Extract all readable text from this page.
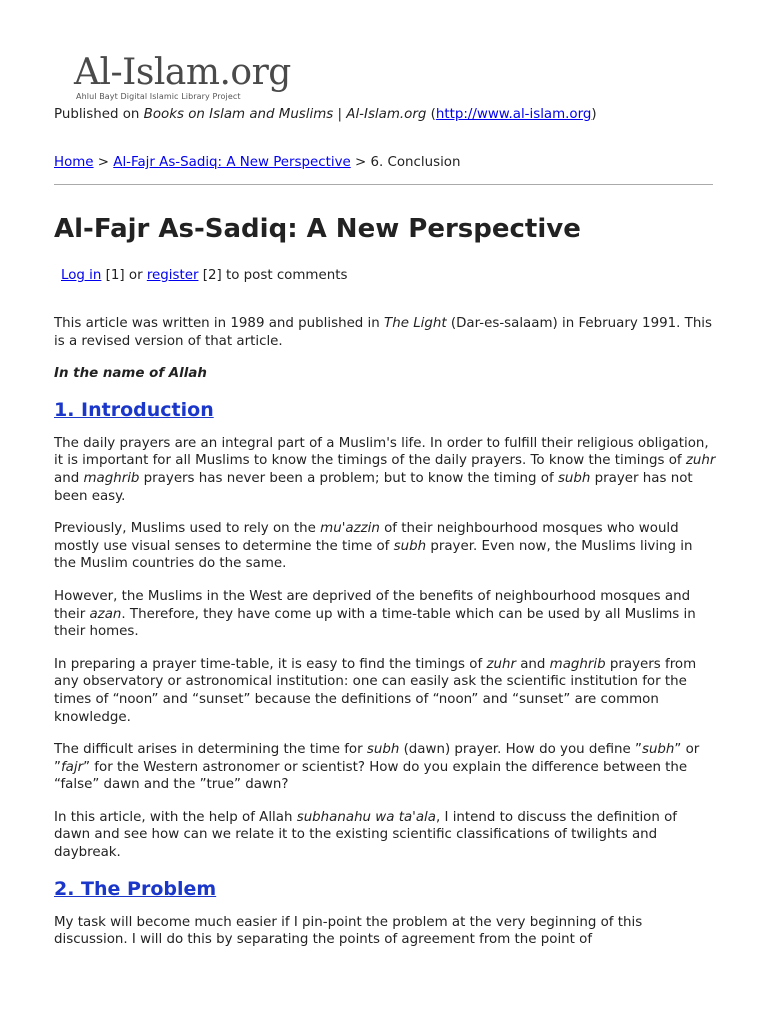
Al-Islam.org
Ahlul Bayt Digital Islamic Library Project
Published on Books on Islam and Muslims | Al-Islam.org (http://www.al-islam.org)
Home > Al-Fajr As-Sadiq: A New Perspective > 6. Conclusion
Al-Fajr As-Sadiq: A New Perspective
Log in [1] or register [2] to post comments

This article was written in 1989 and published in The Light (Dar-es-salaam) in February 1991. This is a revised version of that article.

In the name of Allah

1. Introduction

The daily prayers are an integral part of a Muslim's life. In order to fulfill their religious obligation, it is important for all Muslims to know the timings of the daily prayers. To know the timings of zuhr and maghrib prayers has never been a problem; but to know the timing of subh prayer has not been easy.

Previously, Muslims used to rely on the mu'azzin of their neighbourhood mosques who would mostly use visual senses to determine the time of subh prayer. Even now, the Muslims living in the Muslim countries do the same.

However, the Muslims in the West are deprived of the benefits of neighbourhood mosques and their azan. Therefore, they have come up with a time-table which can be used by all Muslims in their homes.

In preparing a prayer time-table, it is easy to find the timings of zuhr and maghrib prayers from any observatory or astronomical institution: one can easily ask the scientific institution for the times of “noon” and “sunset” because the definitions of “noon” and “sunset” are common knowledge.

The difficult arises in determining the time for subh (dawn) prayer. How do you define ”subh” or ”fajr” for the Western astronomer or scientist? How do you explain the difference between the “false” dawn and the ”true” dawn?

In this article, with the help of Allah subhanahu wa ta'ala, I intend to discuss the definition of dawn and see how can we relate it to the existing scientific classifications of twilights and daybreak.

2. The Problem

My task will become much easier if I pin-point the problem at the very beginning of this discussion. I will do this by separating the points of agreement from the point of
